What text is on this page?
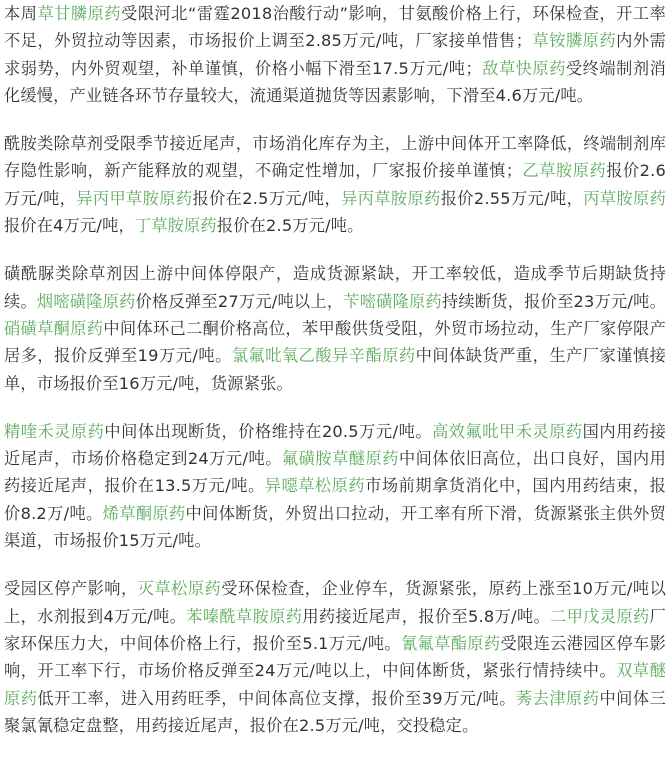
本周草甘膦原药受限河北“雷霆2018治酸行动”影响，甘氨酸价格上行，环保检查，开工率不足，外贸拉动等因素，市场报价上调至2.85万元/吨，厂家接单惜售；草铵膦原药内外需求弱势，内外贸观望，补单谨慎，价格小幅下滑至17.5万元/吨；敌草快原药受终端制剂消化缓慢，产业链各环节存量较大，流通渠道抛货等因素影响，下滑至4.6万元/吨。

酰胺类除草剂受限季节接近尾声，市场消化库存为主，上游中间体开工率降低，终端制剂库存隐性影响，新产能释放的观望，不确定性增加，厂家报价接单谨慎；乙草胺原药报价2.6万元/吨，异丙甲草胺原药报价在2.5万元/吨，异丙草胺原药报价2.55万元/吨，丙草胺原药报价在4万元/吨，丁草胺原药报价在2.5万元/吨。

磺酰脲类除草剂因上游中间体停限产，造成货源紧缺，开工率较低，造成季节后期缺货持续。烟嘧磺隆原药价格反弹至27万元/吨以上，苄嘧磺隆原药持续断货，报价至23万元/吨。硝磺草酮原药中间体环己二酮价格高位，苯甲酸供货受阻，外贸市场拉动，生产厂家停限产居多，报价反弹至19万元/吨。氯氟吡氧乙酸异辛酯原药中间体缺货严重，生产厂家谨慎接单，市场报价至16万元/吨，货源紧张。

精喹禾灵原药中间体出现断货，价格维持在20.5万元/吨。高效氟吡甲禾灵原药国内用药接近尾声，市场价格稳定到24万元/吨。氟磺胺草醚原药中间体依旧高位，出口良好，国内用药接近尾声，报价在13.5万元/吨。异噁草松原药市场前期拿货消化中，国内用药结束，报价8.2万/吨。烯草酮原药中间体断货，外贸出口拉动，开工率有所下滑，货源紧张主供外贸渠道，市场报价15万元/吨。

受园区停产影响，灭草松原药受环保检查，企业停车，货源紧张，原药上涨至10万元/吨以上，水剂报到4万元/吨。苯嗪酰草胺原药用药接近尾声，报价至5.8万/吨。二甲戊灵原药厂家环保压力大，中间体价格上行，报价至5.1万元/吨。氰氟草酯原药受限连云港园区停车影响，开工率下行，市场价格反弹至24万元/吨以上，中间体断货，紧张行情持续中。双草醚原药低开工率，进入用药旺季，中间体高位支撑，报价至39万元/吨。莠去津原药中间体三聚氯氰稳定盘整，用药接近尾声，报价在2.5万元/吨，交投稳定。
